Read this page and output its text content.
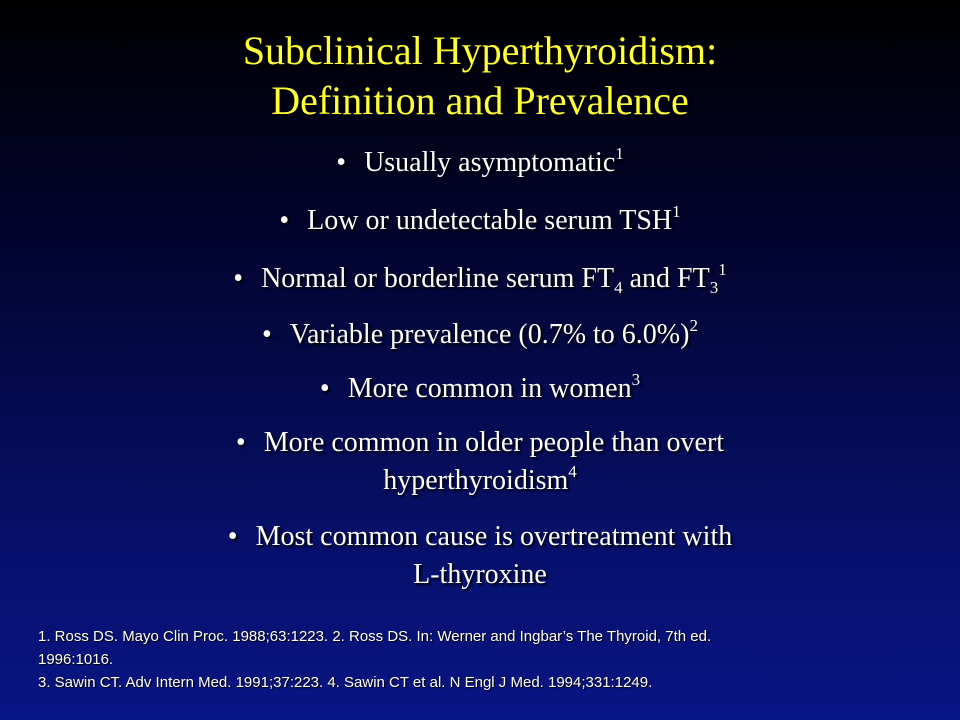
Subclinical Hyperthyroidism:
Definition and Prevalence
• Usually asymptomatic$^1$
• Low or undetectable serum TSH$^1$
• Normal or borderline serum $FT_4$ and $FT_3^1$
• Variable prevalence (0.7% to 6.0%)$^2$
• More common in women$^3$
• More common in older people than overt
hyperthyroidism$^4$
• Most common cause is overtreatment with
L-thyroxine
1. Ross DS. Mayo Clin Proc. 1988;63:1223. 2. Ross DS. In: Werner and Ingbar’s The Thyroid, 7th ed.
1996:1016.
3. Sawin CT. Adv Intern Med. 1991;37:223. 4. Sawin CT et al. N Engl J Med. 1994;331:1249.
